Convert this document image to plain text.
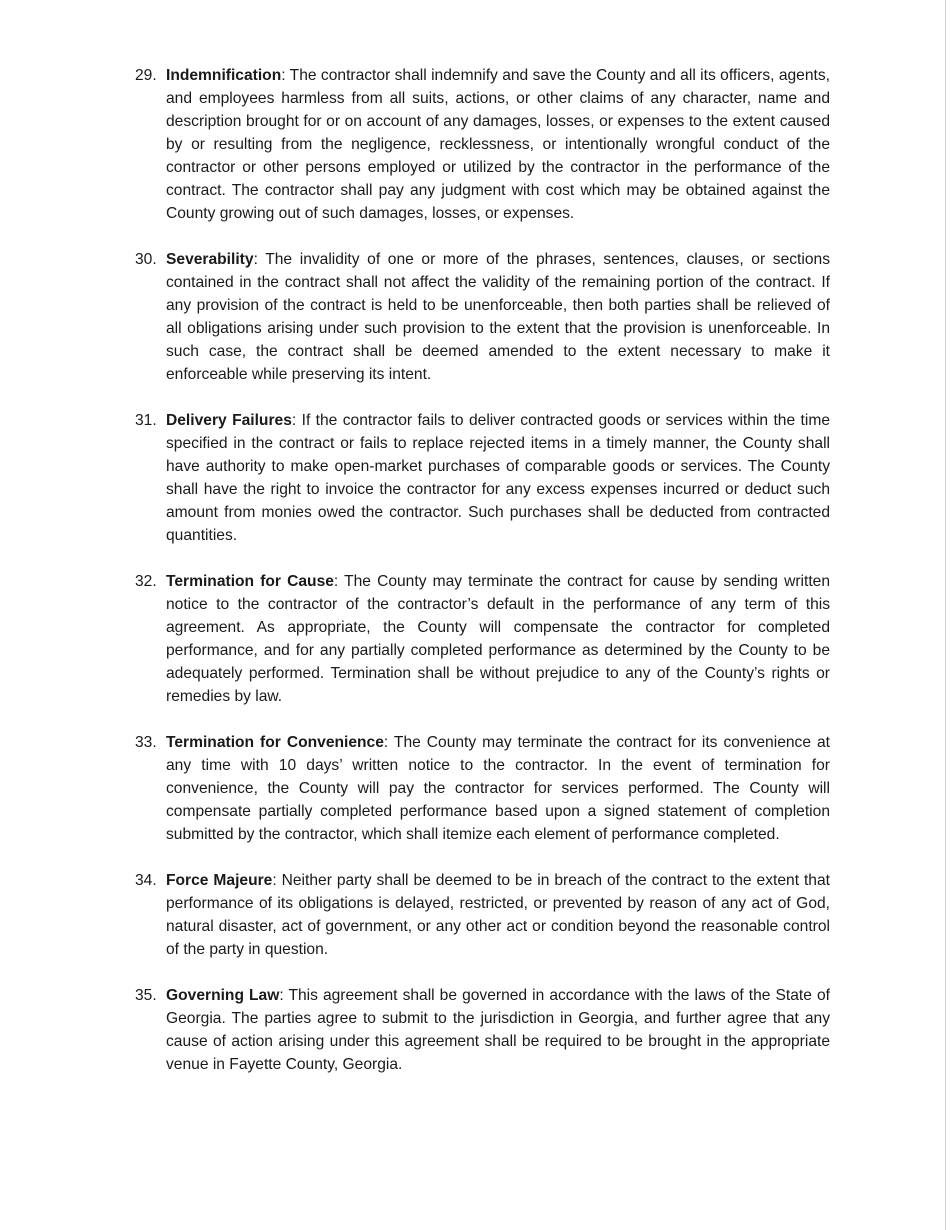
29. Indemnification: The contractor shall indemnify and save the County and all its officers, agents, and employees harmless from all suits, actions, or other claims of any character, name and description brought for or on account of any damages, losses, or expenses to the extent caused by or resulting from the negligence, recklessness, or intentionally wrongful conduct of the contractor or other persons employed or utilized by the contractor in the performance of the contract. The contractor shall pay any judgment with cost which may be obtained against the County growing out of such damages, losses, or expenses.
30. Severability: The invalidity of one or more of the phrases, sentences, clauses, or sections contained in the contract shall not affect the validity of the remaining portion of the contract. If any provision of the contract is held to be unenforceable, then both parties shall be relieved of all obligations arising under such provision to the extent that the provision is unenforceable. In such case, the contract shall be deemed amended to the extent necessary to make it enforceable while preserving its intent.
31. Delivery Failures: If the contractor fails to deliver contracted goods or services within the time specified in the contract or fails to replace rejected items in a timely manner, the County shall have authority to make open-market purchases of comparable goods or services. The County shall have the right to invoice the contractor for any excess expenses incurred or deduct such amount from monies owed the contractor. Such purchases shall be deducted from contracted quantities.
32. Termination for Cause: The County may terminate the contract for cause by sending written notice to the contractor of the contractor’s default in the performance of any term of this agreement. As appropriate, the County will compensate the contractor for completed performance, and for any partially completed performance as determined by the County to be adequately performed. Termination shall be without prejudice to any of the County’s rights or remedies by law.
33. Termination for Convenience: The County may terminate the contract for its convenience at any time with 10 days’ written notice to the contractor. In the event of termination for convenience, the County will pay the contractor for services performed. The County will compensate partially completed performance based upon a signed statement of completion submitted by the contractor, which shall itemize each element of performance completed.
34. Force Majeure: Neither party shall be deemed to be in breach of the contract to the extent that performance of its obligations is delayed, restricted, or prevented by reason of any act of God, natural disaster, act of government, or any other act or condition beyond the reasonable control of the party in question.
35. Governing Law: This agreement shall be governed in accordance with the laws of the State of Georgia. The parties agree to submit to the jurisdiction in Georgia, and further agree that any cause of action arising under this agreement shall be required to be brought in the appropriate venue in Fayette County, Georgia.
